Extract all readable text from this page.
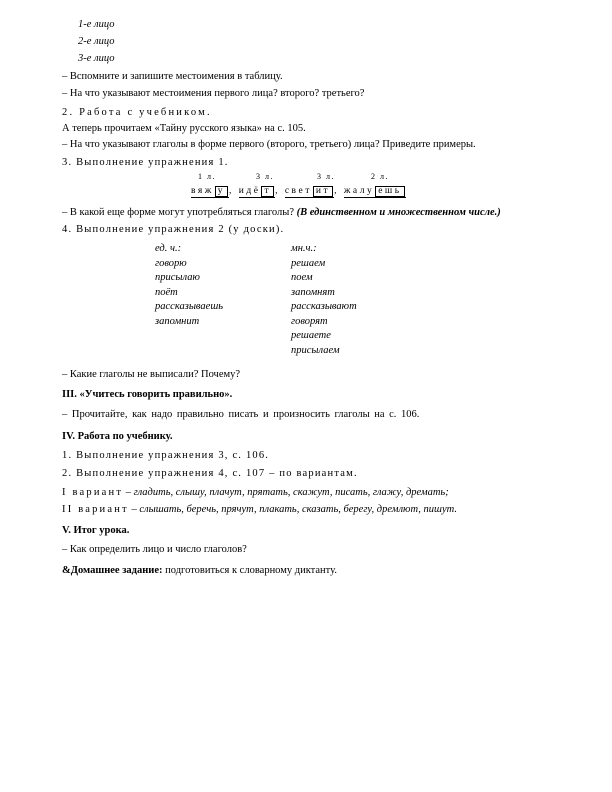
1-е лицо
2-е лицо
3-е лицо
– Вспомните и запишите местоимения в таблицу.
– На что указывают местоимения первого лица? второго? третьего?
2. Работа с учебником.
А теперь прочитаем «Тайну русского языка» на с. 105.
– На что указывают глаголы в форме первого (второго, третьего) лица? Приведите примеры.
3. Выполнение упражнения 1.
1 л.	3 л.	3 л.	2 л.
вяж у , идё т , свет ит , жалу ешь
– В какой еще форме могут употребляться глаголы? (В единственном и множественном числе.)
4. Выполнение упражнения 2 (у доски).
ед. ч.:
говорю
присылаю
поёт
рассказываешь
запомнит
мн.ч.:
решаем
поем
запомнят
рассказывают
говорят
решаете
присылаем
– Какие глаголы не выписали? Почему?
III. «Учитесь говорить правильно».
– Прочитайте, как надо правильно писать и произносить глаголы на с. 106.
IV. Работа по учебнику.
1. Выполнение упражнения 3, с. 106.
2. Выполнение упражнения 4, с. 107 – по вариантам.
I вариант – гладить, слышу, плачут, прятать, скажут, писать, глажу, дремать;
II вариант – слышать, беречь, прячут, плакать, сказать, берегу, дремлют, пишут.
V. Итог урока.
– Как определить лицо и число глаголов?
&Домашнее задание: подготовиться к словарному диктанту.
